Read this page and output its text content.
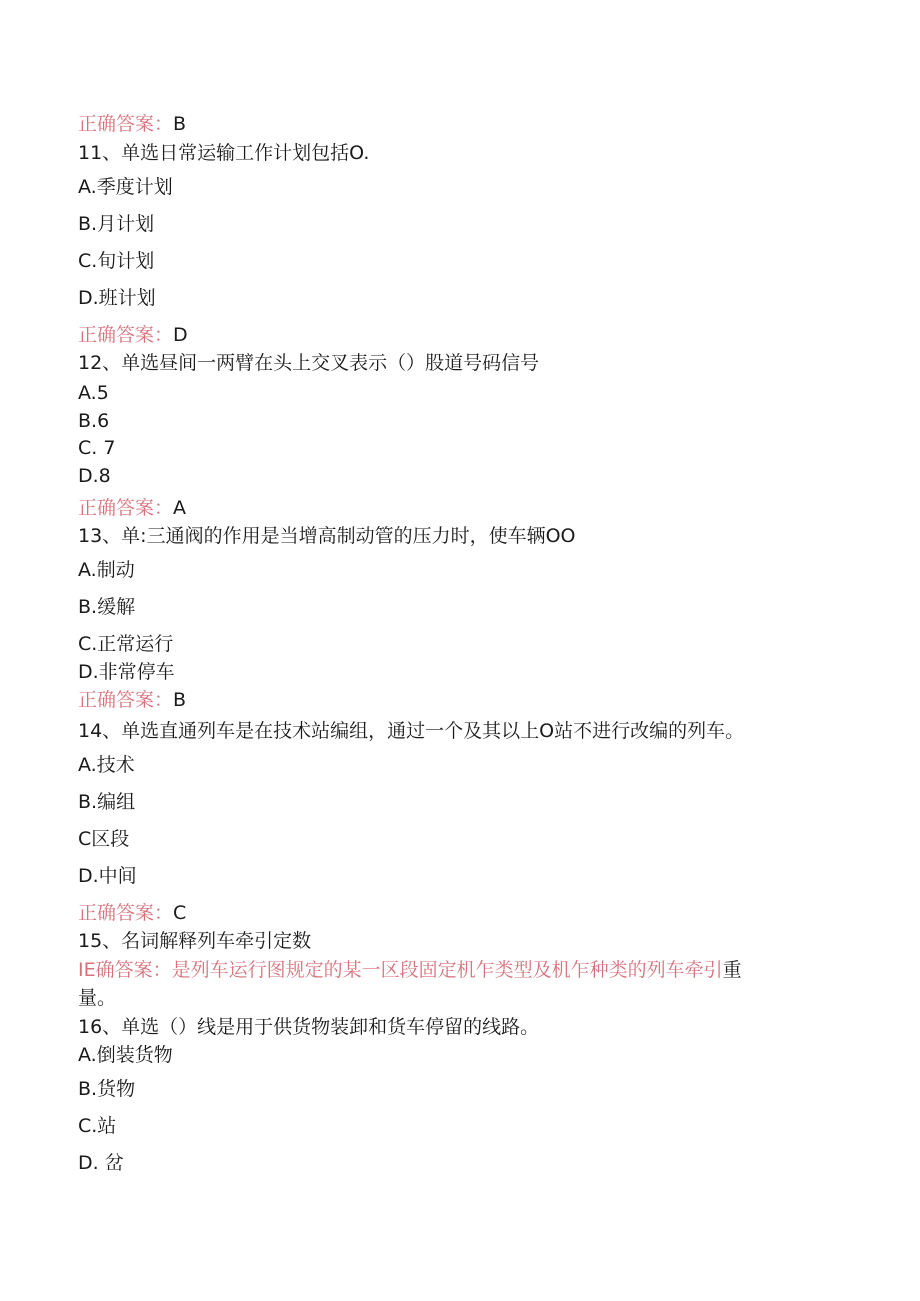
正确答案：B
11、单选日常运输工作计划包括O.
A.季度计划
B.月计划
C.旬计划
D.班计划
正确答案：D
12、单选昼间一两臂在头上交叉表示（）股道号码信号
A.5
B.6
C. 7
D.8
正确答案：A
13、单:三通阀的作用是当增高制动管的压力时，使车辆OO
A.制动
B.缓解
C.正常运行
D.非常停车
正确答案：B
14、单选直通列车是在技术站编组，通过一个及其以上O站不进行改编的列车。
A.技术
B.编组
C区段
D.中间
正确答案：C
15、名词解释列车牵引定数
IE确答案：是列车运行图规定的某一区段固定机乍类型及机乍种类的列车牵引重
量。
16、单选（）线是用于供货物装卸和货车停留的线路。
A.倒装货物
B.货物
C.站
D. 岔
